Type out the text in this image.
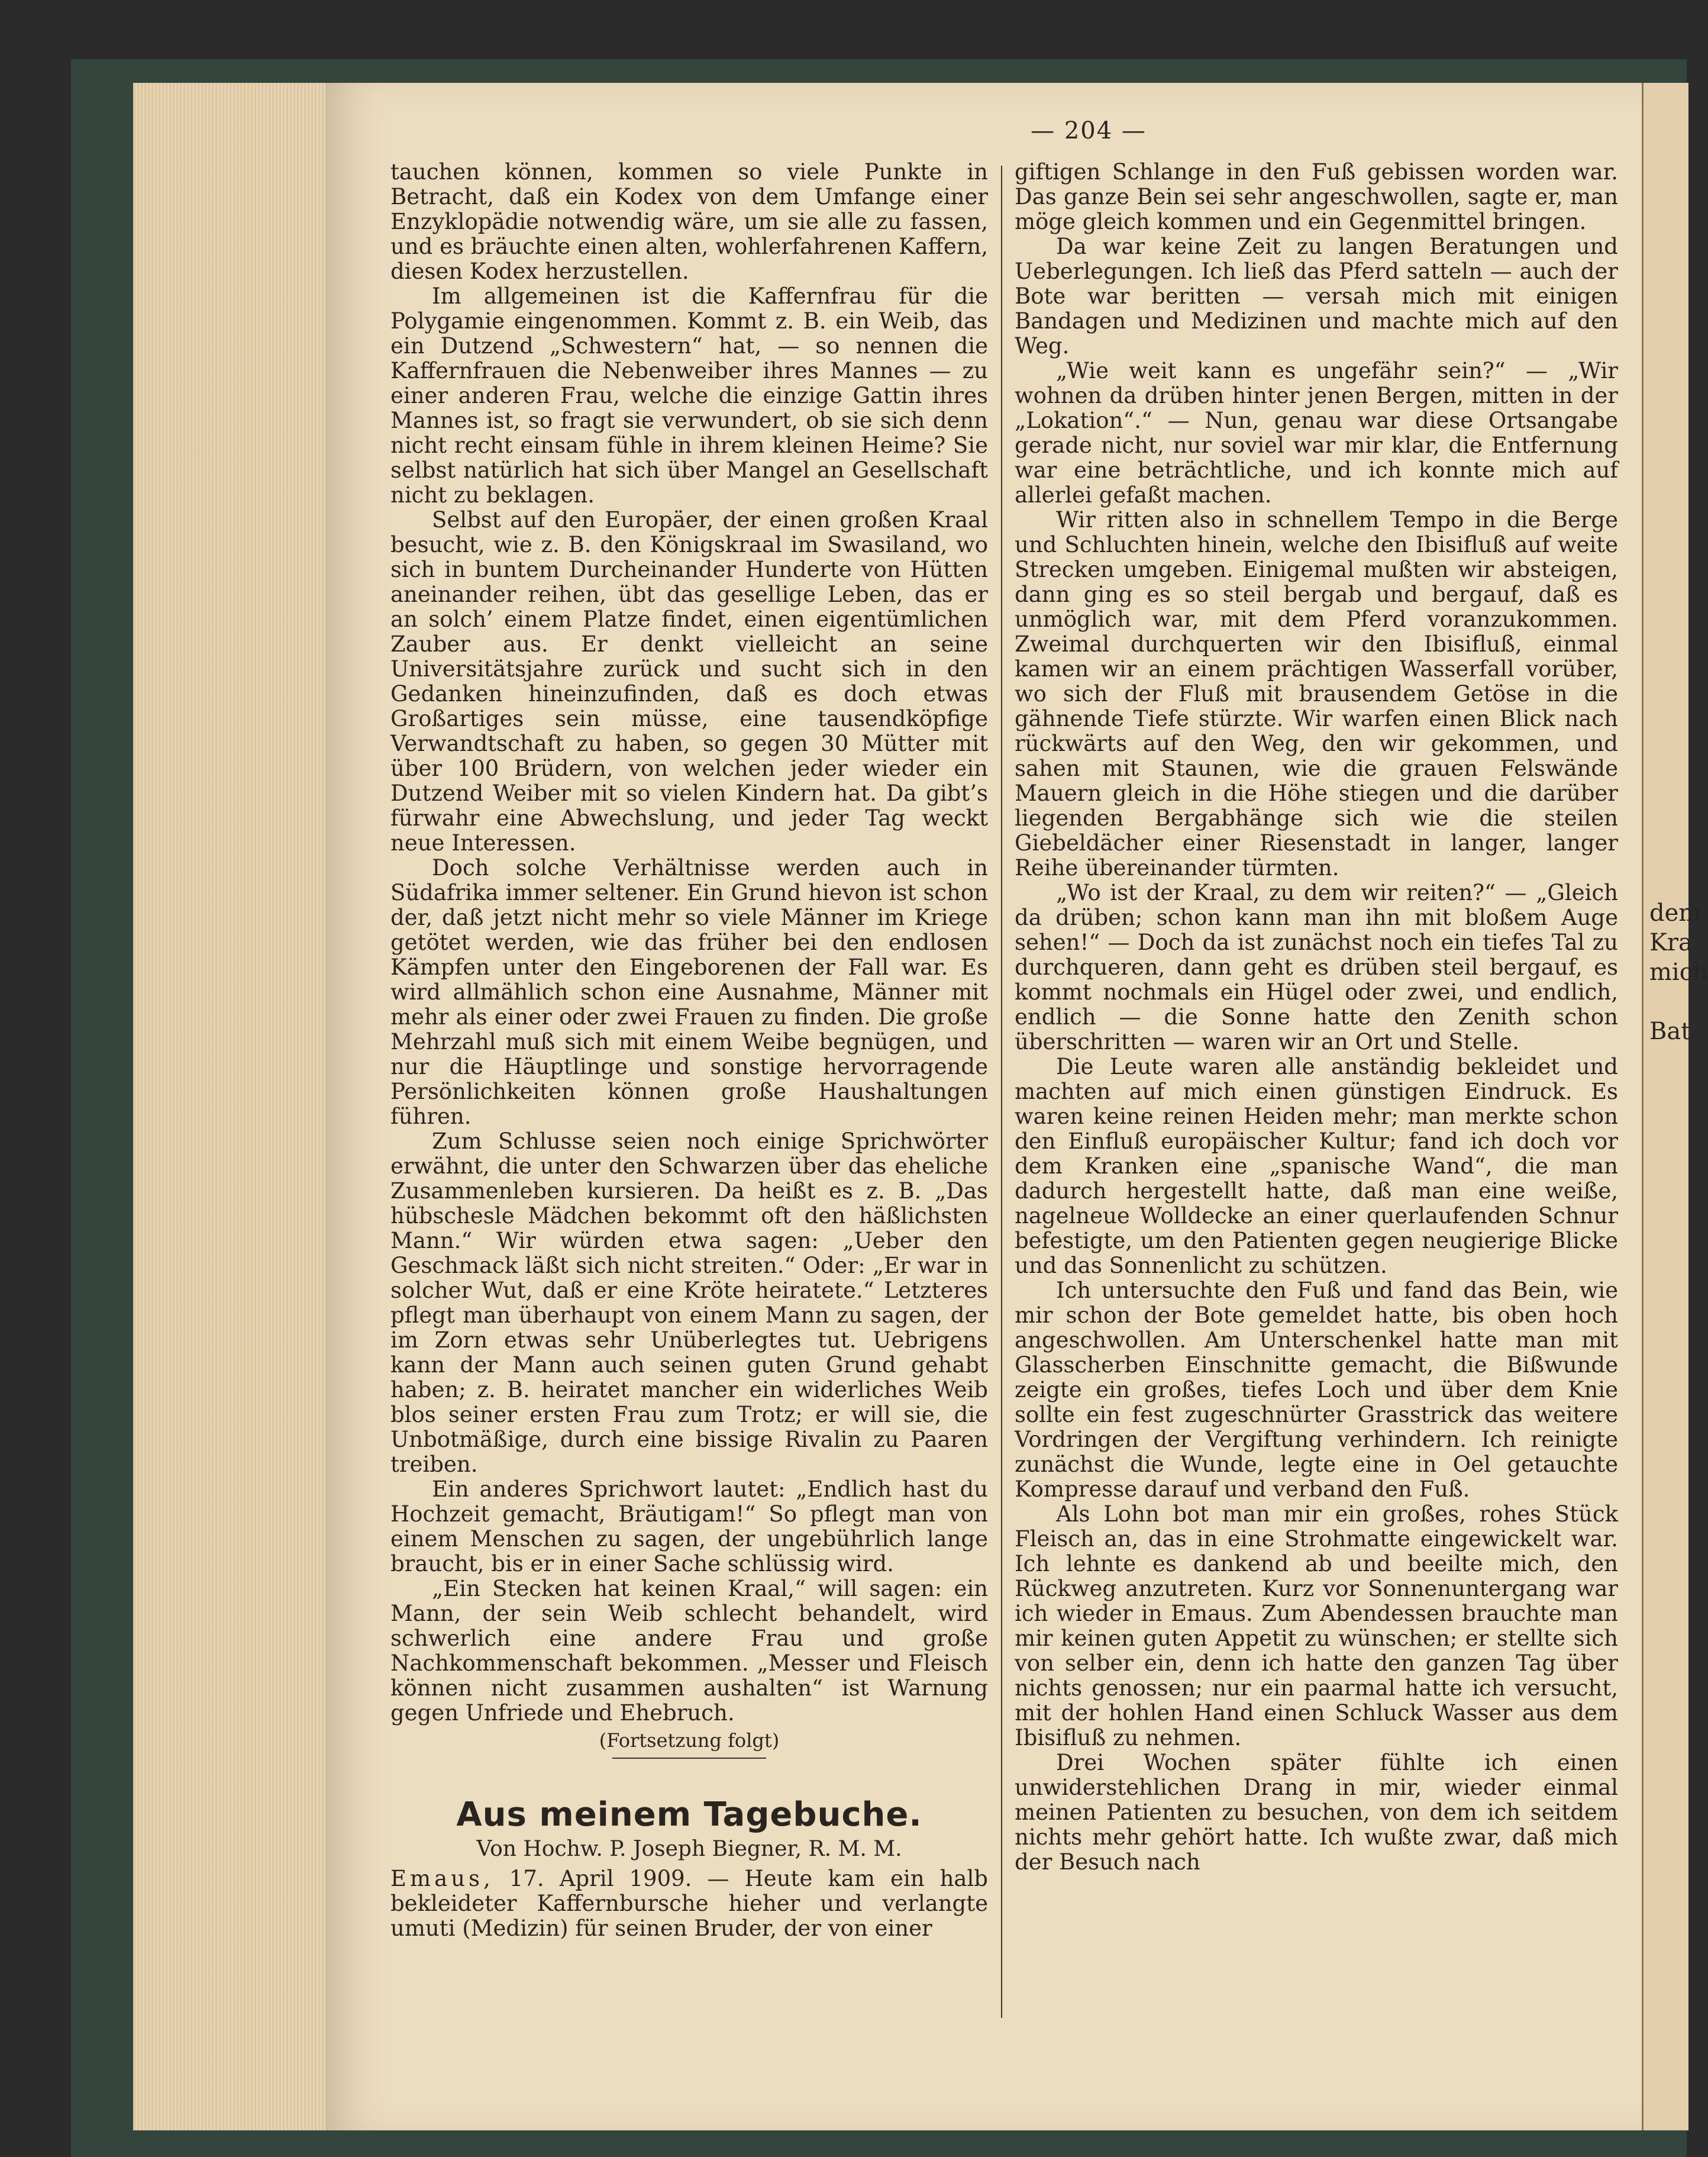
— 204 —

tauchen können, kommen so viele Punkte in Betracht, daß ein Kodex von dem Umfange einer Enzyklopädie notwendig wäre, um sie alle zu fassen, und es bräuchte einen alten, wohlerfahrenen Kaffern, diesen Kodex herzustellen.

Im allgemeinen ist die Kaffernfrau für die Polygamie eingenommen. Kommt z. B. ein Weib, das ein Dutzend „Schwestern“ hat, — so nennen die Kaffernfrauen die Nebenweiber ihres Mannes — zu einer anderen Frau, welche die einzige Gattin ihres Mannes ist, so fragt sie verwundert, ob sie sich denn nicht recht einsam fühle in ihrem kleinen Heime? Sie selbst natürlich hat sich über Mangel an Gesellschaft nicht zu beklagen.

Selbst auf den Europäer, der einen großen Kraal besucht, wie z. B. den Königskraal im Swasiland, wo sich in buntem Durcheinander Hunderte von Hütten aneinander reihen, übt das gesellige Leben, das er an solch’ einem Platze findet, einen eigentümlichen Zauber aus. Er denkt vielleicht an seine Universitätsjahre zurück und sucht sich in den Gedanken hineinzufinden, daß es doch etwas Großartiges sein müsse, eine tausendköpfige Verwandtschaft zu haben, so gegen 30 Mütter mit über 100 Brüdern, von welchen jeder wieder ein Dutzend Weiber mit so vielen Kindern hat. Da gibt’s fürwahr eine Abwechslung, und jeder Tag weckt neue Interessen.

Doch solche Verhältnisse werden auch in Südafrika immer seltener. Ein Grund hievon ist schon der, daß jetzt nicht mehr so viele Männer im Kriege getötet werden, wie das früher bei den endlosen Kämpfen unter den Eingeborenen der Fall war. Es wird allmählich schon eine Ausnahme, Männer mit mehr als einer oder zwei Frauen zu finden. Die große Mehrzahl muß sich mit einem Weibe begnügen, und nur die Häuptlinge und sonstige hervorragende Persönlichkeiten können große Haushaltungen führen.

Zum Schlusse seien noch einige Sprichwörter erwähnt, die unter den Schwarzen über das eheliche Zusammenleben kursieren. Da heißt es z. B. „Das hübschesle Mädchen bekommt oft den häßlichsten Mann.“ Wir würden etwa sagen: „Ueber den Geschmack läßt sich nicht streiten.“ Oder: „Er war in solcher Wut, daß er eine Kröte heiratete.“ Letzteres pflegt man überhaupt von einem Mann zu sagen, der im Zorn etwas sehr Unüberlegtes tut. Uebrigens kann der Mann auch seinen guten Grund gehabt haben; z. B. heiratet mancher ein widerliches Weib blos seiner ersten Frau zum Trotz; er will sie, die Unbotmäßige, durch eine bissige Rivalin zu Paaren treiben.

Ein anderes Sprichwort lautet: „Endlich hast du Hochzeit gemacht, Bräutigam!“ So pflegt man von einem Menschen zu sagen, der ungebührlich lange braucht, bis er in einer Sache schlüssig wird.

„Ein Stecken hat keinen Kraal,“ will sagen: ein Mann, der sein Weib schlecht behandelt, wird schwerlich eine andere Frau und große Nachkommenschaft bekommen. „Messer und Fleisch können nicht zusammen aushalten“ ist Warnung gegen Unfriede und Ehebruch.

(Fortsetzung folgt)

Aus meinem Tagebuche.
Von Hochw. P. Joseph Biegner, R. M. M.

Emaus, 17. April 1909. — Heute kam ein halb bekleideter Kaffernbursche hieher und verlangte umuti (Medizin) für seinen Bruder, der von einer

giftigen Schlange in den Fuß gebissen worden war. Das ganze Bein sei sehr angeschwollen, sagte er, man möge gleich kommen und ein Gegenmittel bringen.

Da war keine Zeit zu langen Beratungen und Ueberlegungen. Ich ließ das Pferd satteln — auch der Bote war beritten — versah mich mit einigen Bandagen und Medizinen und machte mich auf den Weg.

„Wie weit kann es ungefähr sein?“ — „Wir wohnen da drüben hinter jenen Bergen, mitten in der „Lokation“.“ — Nun, genau war diese Ortsangabe gerade nicht, nur soviel war mir klar, die Entfernung war eine beträchtliche, und ich konnte mich auf allerlei gefaßt machen.

Wir ritten also in schnellem Tempo in die Berge und Schluchten hinein, welche den Ibisifluß auf weite Strecken umgeben. Einigemal mußten wir absteigen, dann ging es so steil bergab und bergauf, daß es unmöglich war, mit dem Pferd voranzukommen. Zweimal durchquerten wir den Ibisifluß, einmal kamen wir an einem prächtigen Wasserfall vorüber, wo sich der Fluß mit brausendem Getöse in die gähnende Tiefe stürzte. Wir warfen einen Blick nach rückwärts auf den Weg, den wir gekommen, und sahen mit Staunen, wie die grauen Felswände Mauern gleich in die Höhe stiegen und die darüber liegenden Bergabhänge sich wie die steilen Giebeldächer einer Riesenstadt in langer, langer Reihe übereinander türmten.

„Wo ist der Kraal, zu dem wir reiten?“ — „Gleich da drüben; schon kann man ihn mit bloßem Auge sehen!“ — Doch da ist zunächst noch ein tiefes Tal zu durchqueren, dann geht es drüben steil bergauf, es kommt nochmals ein Hügel oder zwei, und endlich, endlich — die Sonne hatte den Zenith schon überschritten — waren wir an Ort und Stelle.

Die Leute waren alle anständig bekleidet und machten auf mich einen günstigen Eindruck. Es waren keine reinen Heiden mehr; man merkte schon den Einfluß europäischer Kultur; fand ich doch vor dem Kranken eine „spanische Wand“, die man dadurch hergestellt hatte, daß man eine weiße, nagelneue Wolldecke an einer querlaufenden Schnur befestigte, um den Patienten gegen neugierige Blicke und das Sonnenlicht zu schützen.

Ich untersuchte den Fuß und fand das Bein, wie mir schon der Bote gemeldet hatte, bis oben hoch angeschwollen. Am Unterschenkel hatte man mit Glasscherben Einschnitte gemacht, die Bißwunde zeigte ein großes, tiefes Loch und über dem Knie sollte ein fest zugeschnürter Grasstrick das weitere Vordringen der Vergiftung verhindern. Ich reinigte zunächst die Wunde, legte eine in Oel getauchte Kompresse darauf und verband den Fuß.

Als Lohn bot man mir ein großes, rohes Stück Fleisch an, das in eine Strohmatte eingewickelt war. Ich lehnte es dankend ab und beeilte mich, den Rückweg anzutreten. Kurz vor Sonnenuntergang war ich wieder in Emaus. Zum Abendessen brauchte man mir keinen guten Appetit zu wünschen; er stellte sich von selber ein, denn ich hatte den ganzen Tag über nichts genossen; nur ein paarmal hatte ich versucht, mit der hohlen Hand einen Schluck Wasser aus dem Ibisifluß zu nehmen.

Drei Wochen später fühlte ich einen unwiderstehlichen Drang in mir, wieder einmal meinen Patienten zu besuchen, von dem ich seitdem nichts mehr gehört hatte. Ich wußte zwar, daß mich der Besuch nach

dem
Kra
mich
Bat
